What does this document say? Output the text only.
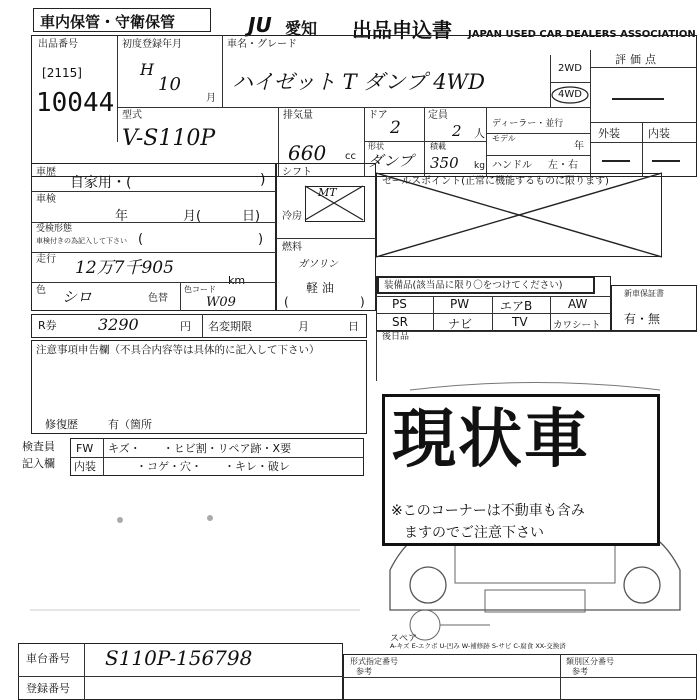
車内保管・守衛保管	JU 愛知 出品申込書 JAPAN USED CAR DEALERS ASSOCIATION
出品番号
[2115]
10044
初度登録年月
H
10
月
車名・グレード
ハイゼット T ダンプ 4WD
2WD
4WD
評価点
外装	内装
型式
V-S110P
排気量
660 cc
ドア
2
定員
2 人
形状
ダンプ
積載
350 kg
ディーラー・並行
モデル
年
ハンドル 左・右
車歴
自家用・(	)
車検
年	月(	日)
受検形態
車検付きの為記入して下さい (	)
走行 12万7千905
km
色 シロ	色替
色コード
W09
シフト
MT
冷房
燃料
ガソリン
軽 油
(	)
セールスポイント(正常に機能するものに限ります)
装備品(該当品に限り〇をつけてください)
PS	PW	エアB	AW
SR	ナビ	TV	カワシート
新車保証書
有・無
R券	3290	円 名変期限	月	日
後日品
注意事項申告欄（不具合内容等は具体的に記入して下さい）
修復歴	有（箇所
検査員
記入欄
FW キズ・　　・ヒビ割・リペア跡・X要
内装	・コゲ・穴・　　・キレ・破レ
スペア
A-キズ E-エクボ U-凹み W-補修跡 S-サビ C-腐食 XX-交換済
現状車
※このコーナーは不動車も含み
ますのでご注意下さい
車台番号 S110P-156798
登録番号
形式指定番号
参考
類別区分番号
参考
